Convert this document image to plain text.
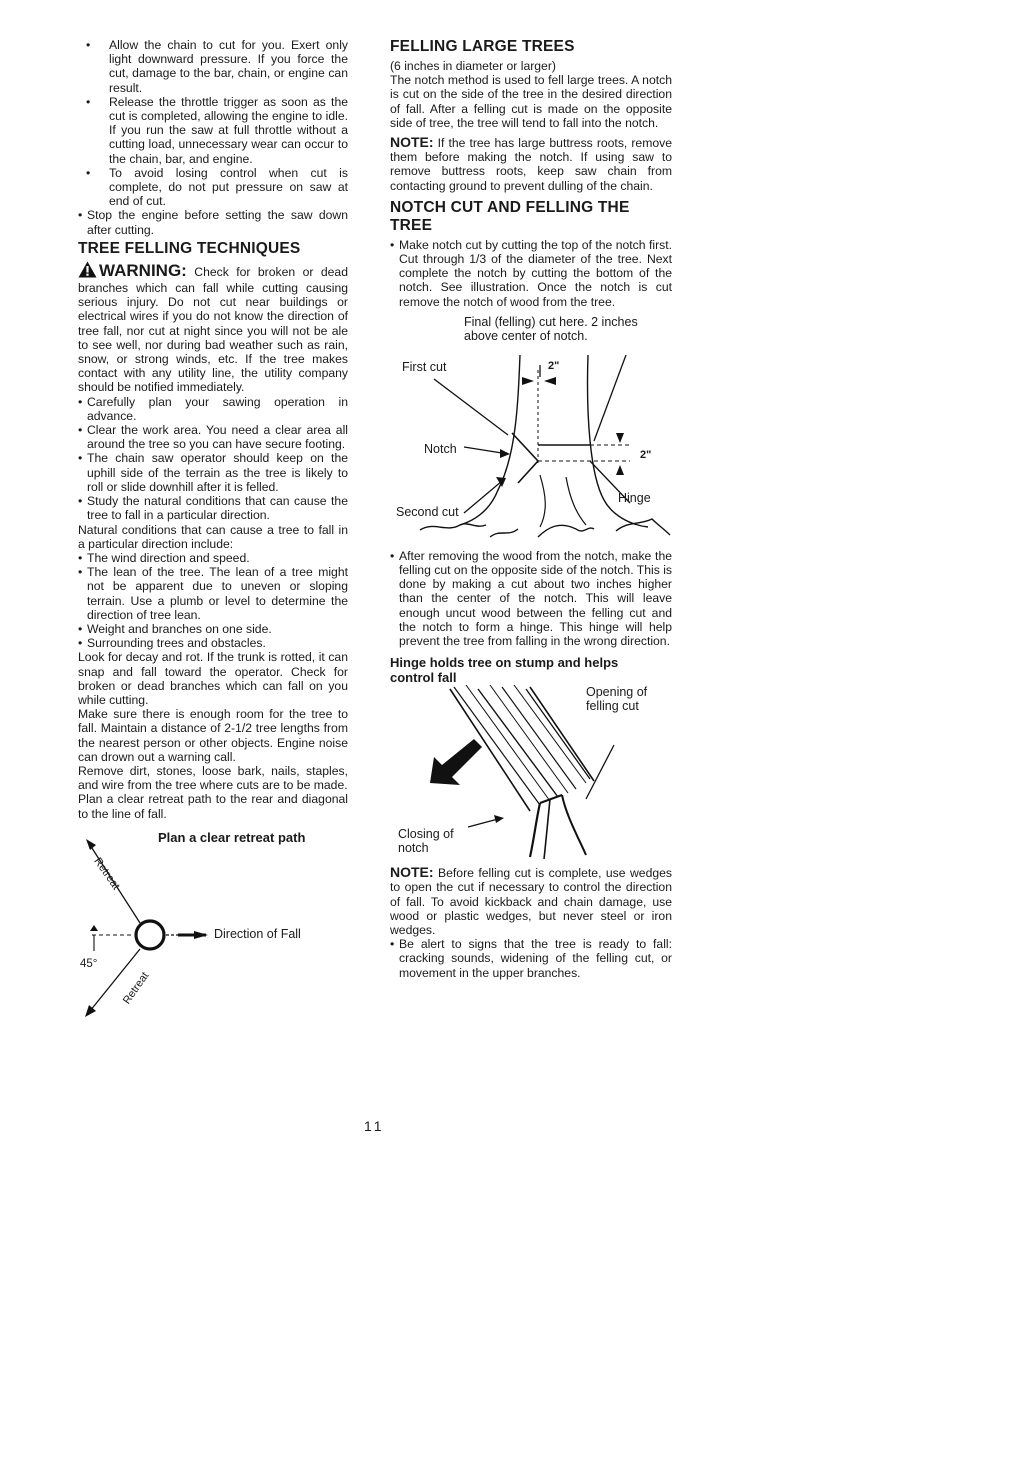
• Allow the chain to cut for you. Exert only light downward pressure. If you force the cut, damage to the bar, chain, or engine can result.
• Release the throttle trigger as soon as the cut is completed, allowing the engine to idle. If you run the saw at full throttle without a cutting load, unnecessary wear can occur to the chain, bar, and engine.
• To avoid losing control when cut is complete, do not put pressure on saw at end of cut.
• Stop the engine before setting the saw down after cutting.
TREE FELLING TECHNIQUES

WARNING: Check for broken or dead branches which can fall while cutting causing serious injury. Do not cut near buildings or electrical wires if you do not know the direction of tree fall, nor cut at night since you will not be ale to see well, nor during bad weather such as rain, snow, or strong winds, etc. If the tree makes contact with any utility line, the utility company should be notified immediately.

• Carefully plan your sawing operation in advance.
• Clear the work area. You need a clear area all around the tree so you can have secure footing.
• The chain saw operator should keep on the uphill side of the terrain as the tree is likely to roll or slide downhill after it is felled.
• Study the natural conditions that can cause the tree to fall in a particular direction.

Natural conditions that can cause a tree to fall in a particular direction include:

• The wind direction and speed.
• The lean of the tree. The lean of a tree might not be apparent due to uneven or sloping terrain. Use a plumb or level to determine the direction of tree lean.
• Weight and branches on one side.
• Surrounding trees and obstacles.

Look for decay and rot. If the trunk is rotted, it can snap and fall toward the operator. Check for broken or dead branches which can fall on you while cutting.

Make sure there is enough room for the tree to fall. Maintain a distance of 2-1/2 tree lengths from the nearest person or other objects. Engine noise can drown out a warning call.

Remove dirt, stones, loose bark, nails, staples, and wire from the tree where cuts are to be made.

Plan a clear retreat path to the rear and diagonal to the line of fall.

Plan a clear retreat path
Retreat
Retreat
45°
Direction of Fall
FELLING LARGE TREES

(6 inches in diameter or larger)

The notch method is used to fell large trees. A notch is cut on the side of the tree in the desired direction of fall. After a felling cut is made on the opposite side of tree, the tree will tend to fall into the notch.

NOTE: If the tree has large buttress roots, remove them before making the notch. If using saw to remove buttress roots, keep saw chain from contacting ground to prevent dulling of the chain.

NOTCH CUT AND FELLING THE TREE
• Make notch cut by cutting the top of the notch first. Cut through 1/3 of the diameter of the tree. Next complete the notch by cutting the bottom of the notch. See illustration. Once the notch is cut remove the notch of wood from the tree.
Final (felling) cut here. 2 inches above center of notch.
First cut	2"
Notch	2"
Hinge
Second cut
• After removing the wood from the notch, make the felling cut on the opposite side of the notch. This is done by making a cut about two inches higher than the center of the notch. This will leave enough uncut wood between the felling cut and the notch to form a hinge. This hinge will help prevent the tree from falling in the wrong direction.

Hinge holds tree on stump and helps control fall

Opening of felling cut
Closing of notch

NOTE: Before felling cut is complete, use wedges to open the cut if necessary to control the direction of fall. To avoid kickback and chain damage, use wood or plastic wedges, but never steel or iron wedges.

• Be alert to signs that the tree is ready to fall: cracking sounds, widening of the felling cut, or movement in the upper branches.
11
